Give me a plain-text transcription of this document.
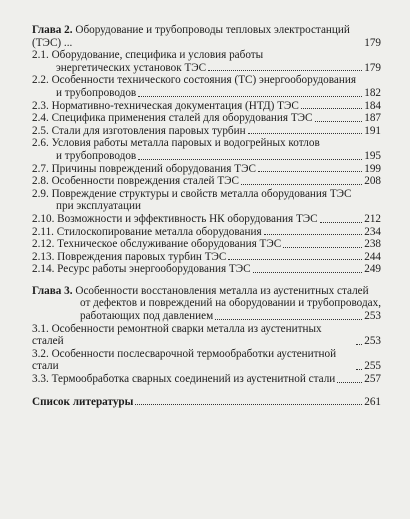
Глава 2. Оборудование и трубопроводы тепловых электростанций (ТЭС) ...	179
2.1. Оборудование, специфика и условия работы
энергетических установок ТЭС	179
2.2. Особенности технического состояния (ТС) энергооборудования
и трубопроводов	182
2.3. Нормативно-техническая документация (НТД) ТЭС	184
2.4. Специфика применения сталей для оборудования ТЭС	187
2.5. Стали для изготовления паровых турбин	191
2.6. Условия работы металла паровых и водогрейных котлов
и трубопроводов	195
2.7. Причины повреждений оборудования ТЭС	199
2.8. Особенности повреждения сталей ТЭС	208
2.9. Повреждение структуры и свойств металла оборудования ТЭС
при эксплуатации
2.10. Возможности и эффективность НК оборудования ТЭС	212
2.11. Стилоскопирование металла оборудования	234
2.12. Техническое обслуживание оборудования ТЭС	238
2.13. Повреждения паровых турбин ТЭС	244
2.14. Ресурс работы энергооборудования ТЭС	249
Глава 3. Особенности восстановления металла из аустенитных сталей
от дефектов и повреждений на оборудовании и трубопроводах,
работающих под давлением	253
3.1. Особенности ремонтной сварки металла из аустенитных сталей	253
3.2. Особенности послесварочной термообработки аустенитной стали	255
3.3. Термообработка сварных соединений из аустенитной стали	257
Список литературы	261
